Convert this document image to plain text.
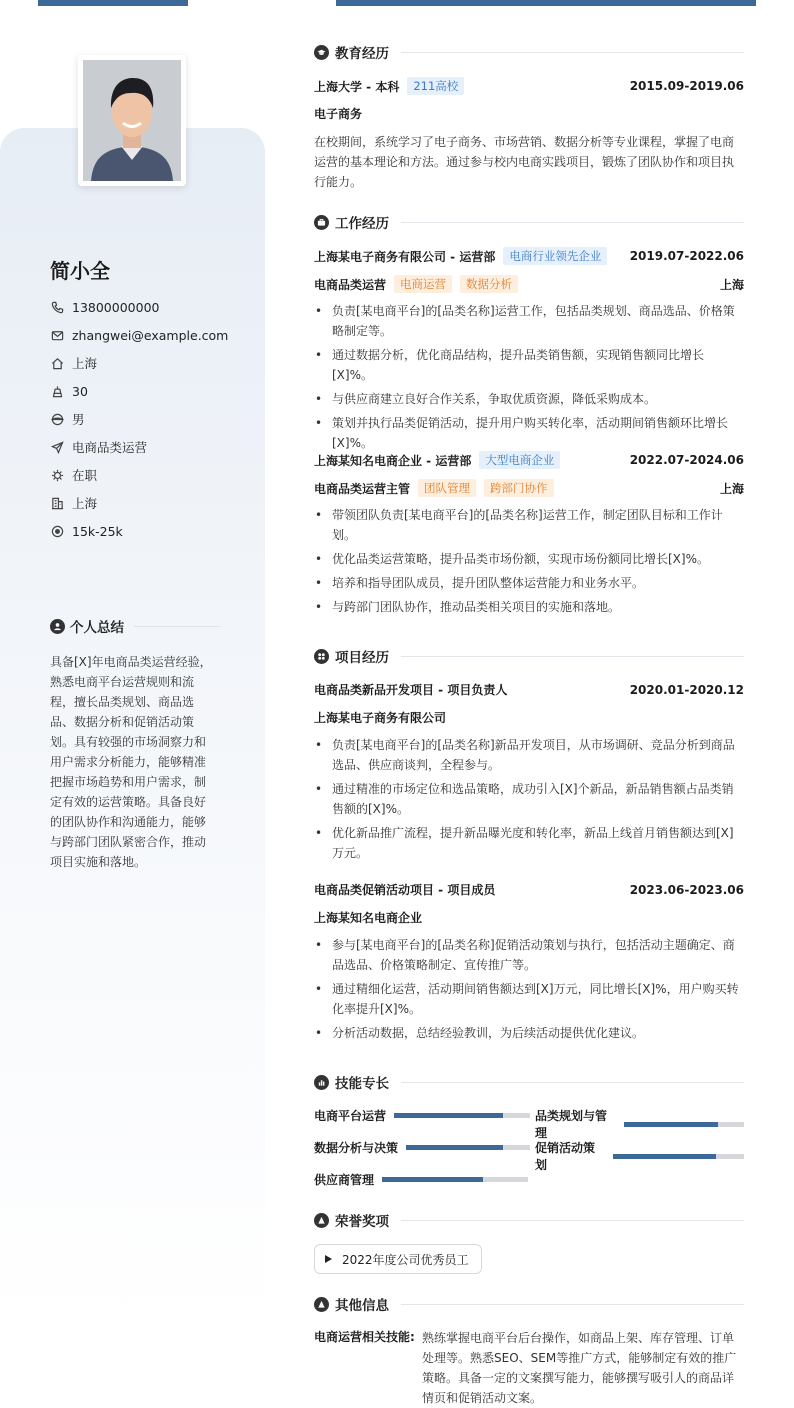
简小全
13800000000
zhangwei@example.com
上海
30
男
电商品类运营
在职
上海
15k-25k
个人总结
具备[X]年电商品类运营经验，熟悉电商平台运营规则和流程，擅长品类规划、商品选品、数据分析和促销活动策划。具有较强的市场洞察力和用户需求分析能力，能够精准把握市场趋势和用户需求，制定有效的运营策略。具备良好的团队协作和沟通能力，能够与跨部门团队紧密合作，推动项目实施和落地。
教育经历
上海大学 - 本科	211高校	2015.09-2019.06
电子商务
在校期间，系统学习了电子商务、市场营销、数据分析等专业课程，掌握了电商运营的基本理论和方法。通过参与校内电商实践项目，锻炼了团队协作和项目执行能力。
工作经历
上海某电子商务有限公司 - 运营部	电商行业领先企业	2019.07-2022.06
电商品类运营	电商运营	数据分析	上海
• 负责[某电商平台]的[品类名称]运营工作，包括品类规划、商品选品、价格策略制定等。
• 通过数据分析，优化商品结构，提升品类销售额，实现销售额同比增长[X]%。
• 与供应商建立良好合作关系，争取优质资源，降低采购成本。
• 策划并执行品类促销活动，提升用户购买转化率，活动期间销售额环比增长[X]%。
上海某知名电商企业 - 运营部	大型电商企业	2022.07-2024.06
电商品类运营主管	团队管理	跨部门协作	上海
• 带领团队负责[某电商平台]的[品类名称]运营工作，制定团队目标和工作计划。
• 优化品类运营策略，提升品类市场份额，实现市场份额同比增长[X]%。
• 培养和指导团队成员，提升团队整体运营能力和业务水平。
• 与跨部门团队协作，推动品类相关项目的实施和落地。
项目经历
电商品类新品开发项目 - 项目负责人	2020.01-2020.12
上海某电子商务有限公司
• 负责[某电商平台]的[品类名称]新品开发项目，从市场调研、竞品分析到商品选品、供应商谈判，全程参与。
• 通过精准的市场定位和选品策略，成功引入[X]个新品，新品销售额占品类销售额的[X]%。
• 优化新品推广流程，提升新品曝光度和转化率，新品上线首月销售额达到[X]万元。
电商品类促销活动项目 - 项目成员	2023.06-2023.06
上海某知名电商企业
• 参与[某电商平台]的[品类名称]促销活动策划与执行，包括活动主题确定、商品选品、价格策略制定、宣传推广等。
• 通过精细化运营，活动期间销售额达到[X]万元，同比增长[X]%，用户购买转化率提升[X]%。
• 分析活动数据，总结经验教训，为后续活动提供优化建议。
技能专长
电商平台运营	品类规划与管理
数据分析与决策	促销活动策划
供应商管理
荣誉奖项
2022年度公司优秀员工
其他信息
电商运营相关技能: 熟练掌握电商平台后台操作，如商品上架、库存管理、订单处理等。熟悉SEO、SEM等推广方式，能够制定有效的推广策略。具备一定的文案撰写能力，能够撰写吸引人的商品详情页和促销活动文案。
